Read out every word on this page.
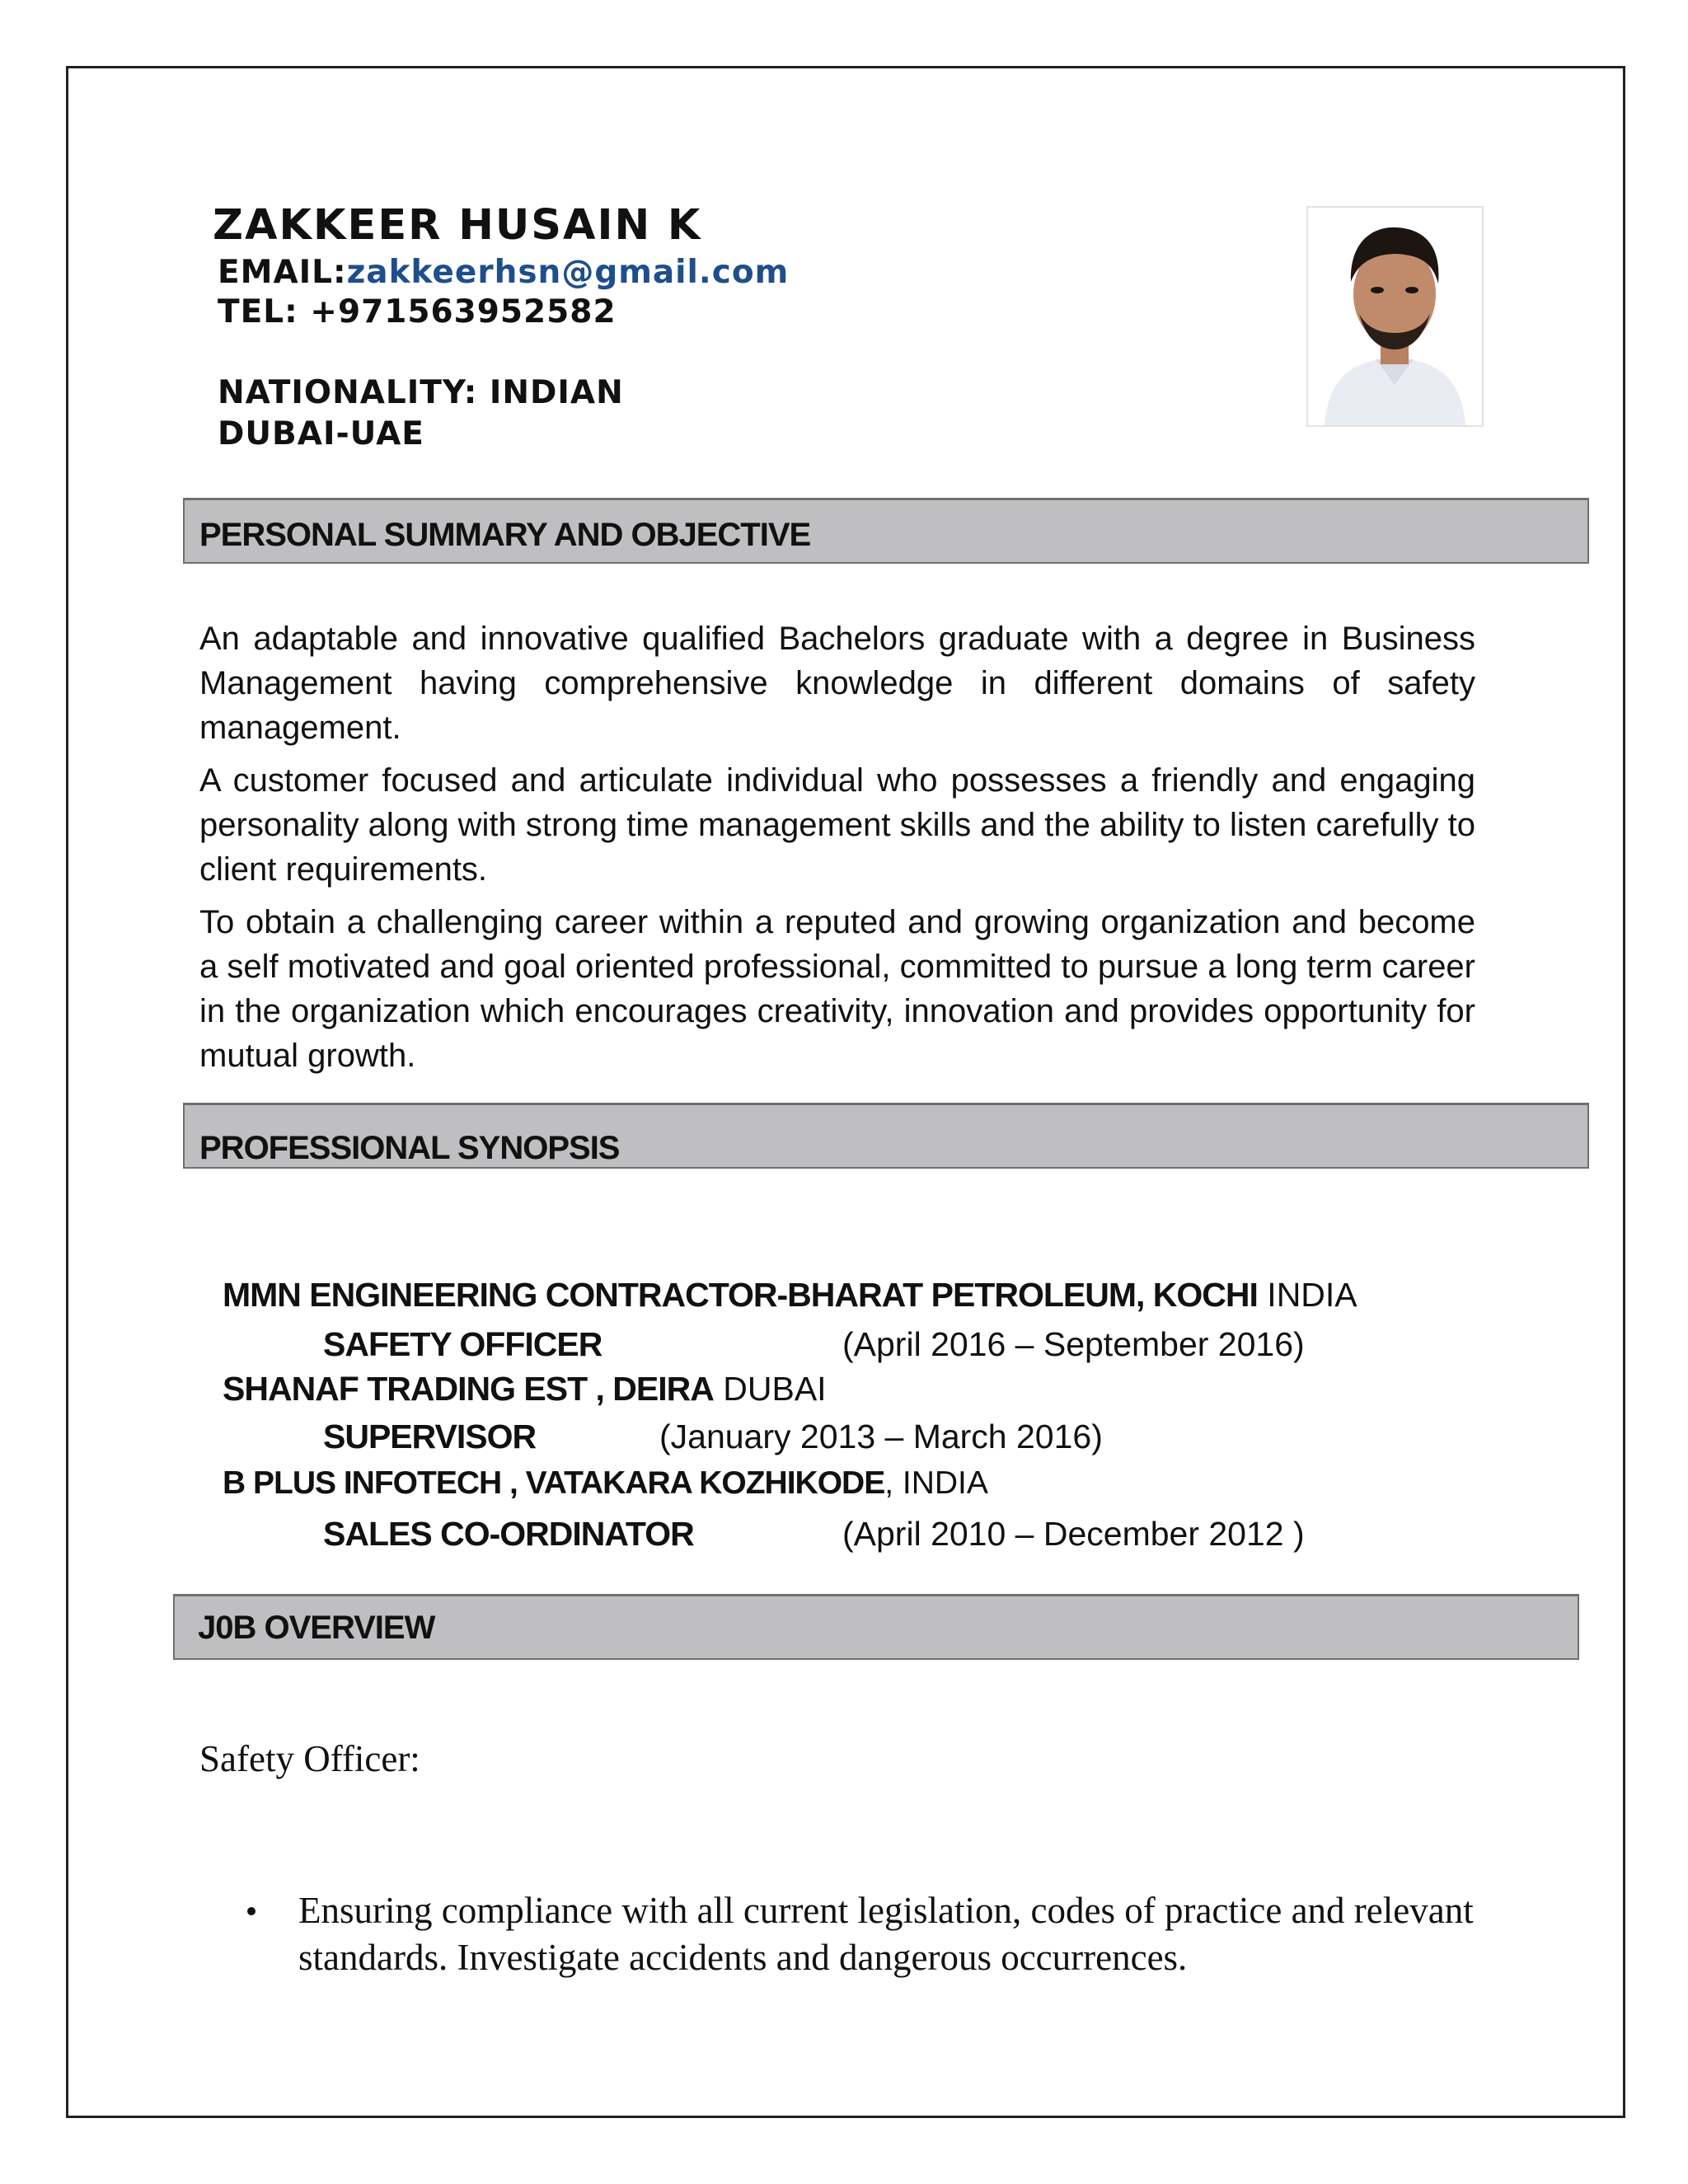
ZAKKEER HUSAIN K
EMAIL:zakkeerhsn@gmail.com
TEL: +971563952582
NATIONALITY: INDIAN
DUBAI-UAE
PERSONAL SUMMARY AND OBJECTIVE
An adaptable and innovative qualified Bachelors graduate with a degree in Business Management having comprehensive knowledge in different domains of safety management.
A customer focused and articulate individual who possesses a friendly and engaging personality along with strong time management skills and the ability to listen carefully to client requirements.
To obtain a challenging career within a reputed and growing organization and become a self motivated and goal oriented professional, committed to pursue a long term career in the organization which encourages creativity, innovation and provides opportunity for mutual growth.
PROFESSIONAL SYNOPSIS
MMN ENGINEERING CONTRACTOR-BHARAT PETROLEUM, KOCHI INDIA
SAFETY OFFICER	(April 2016 – September 2016)
SHANAF TRADING EST , DEIRA DUBAI
SUPERVISOR	(January 2013 – March 2016)
B PLUS INFOTECH , VATAKARA KOZHIKODE, INDIA
SALES CO-ORDINATOR	(April 2010 – December 2012 )
J0B OVERVIEW
Safety Officer:
Ensuring compliance with all current legislation, codes of practice and relevant standards. Investigate accidents and dangerous occurrences.
